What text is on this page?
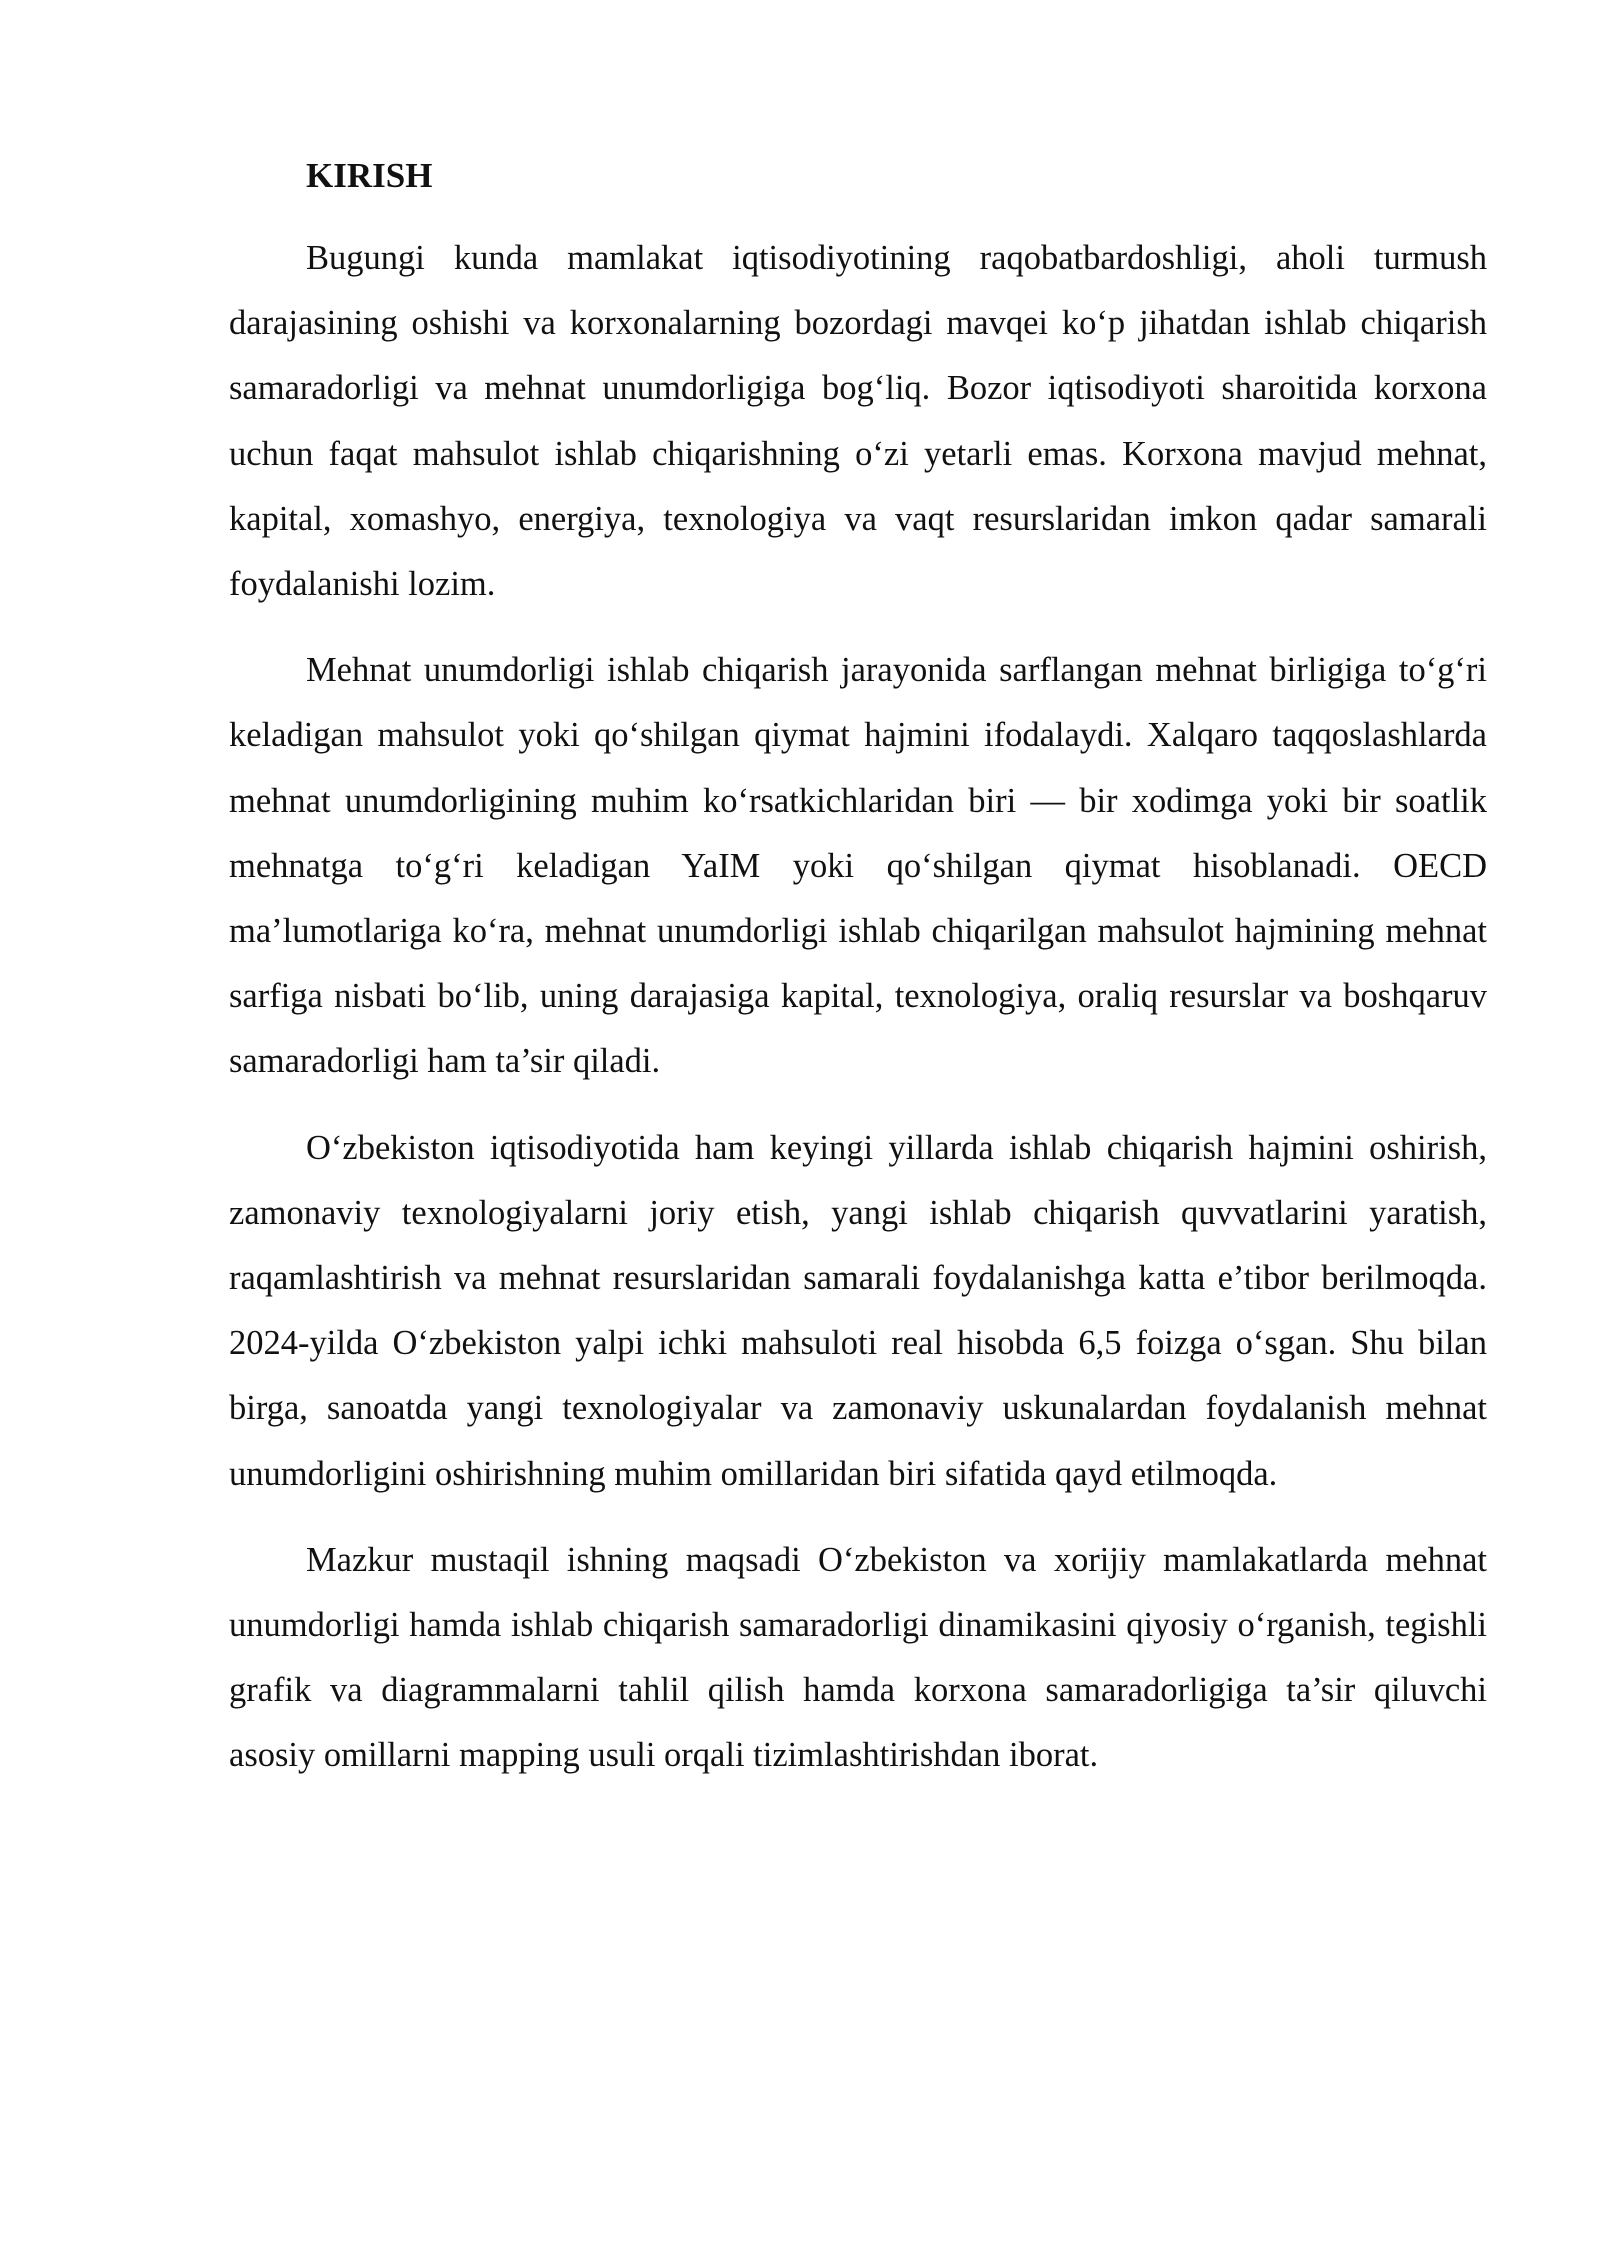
KIRISH

Bugungi kunda mamlakat iqtisodiyotining raqobatbardoshligi, aholi turmush darajasining oshishi va korxonalarning bozordagi mavqei ko‘p jihatdan ishlab chiqarish samaradorligi va mehnat unumdorligiga bog‘liq. Bozor iqtisodiyoti sharoitida korxona uchun faqat mahsulot ishlab chiqarishning o‘zi yetarli emas. Korxona mavjud mehnat, kapital, xomashyo, energiya, texnologiya va vaqt resurslaridan imkon qadar samarali foydalanishi lozim.

Mehnat unumdorligi ishlab chiqarish jarayonida sarflangan mehnat birligiga to‘g‘ri keladigan mahsulot yoki qo‘shilgan qiymat hajmini ifodalaydi. Xalqaro taqqoslashlarda mehnat unumdorligining muhim ko‘rsatkichlaridan biri — bir xodimga yoki bir soatlik mehnatga to‘g‘ri keladigan YaIM yoki qo‘shilgan qiymat hisoblanadi. OECD ma’lumotlariga ko‘ra, mehnat unumdorligi ishlab chiqarilgan mahsulot hajmining mehnat sarfiga nisbati bo‘lib, uning darajasiga kapital, texnologiya, oraliq resurslar va boshqaruv samaradorligi ham ta’sir qiladi.

O‘zbekiston iqtisodiyotida ham keyingi yillarda ishlab chiqarish hajmini oshirish, zamonaviy texnologiyalarni joriy etish, yangi ishlab chiqarish quvvatlarini yaratish, raqamlashtirish va mehnat resurslaridan samarali foydalanishga katta e’tibor berilmoqda. 2024-yilda O‘zbekiston yalpi ichki mahsuloti real hisobda 6,5 foizga o‘sgan. Shu bilan birga, sanoatda yangi texnologiyalar va zamonaviy uskunalardan foydalanish mehnat unumdorligini oshirishning muhim omillaridan biri sifatida qayd etilmoqda.

Mazkur mustaqil ishning maqsadi O‘zbekiston va xorijiy mamlakatlarda mehnat unumdorligi hamda ishlab chiqarish samaradorligi dinamikasini qiyosiy o‘rganish, tegishli grafik va diagrammalarni tahlil qilish hamda korxona samaradorligiga ta’sir qiluvchi asosiy omillarni mapping usuli orqali tizimlashtirishdan iborat.
